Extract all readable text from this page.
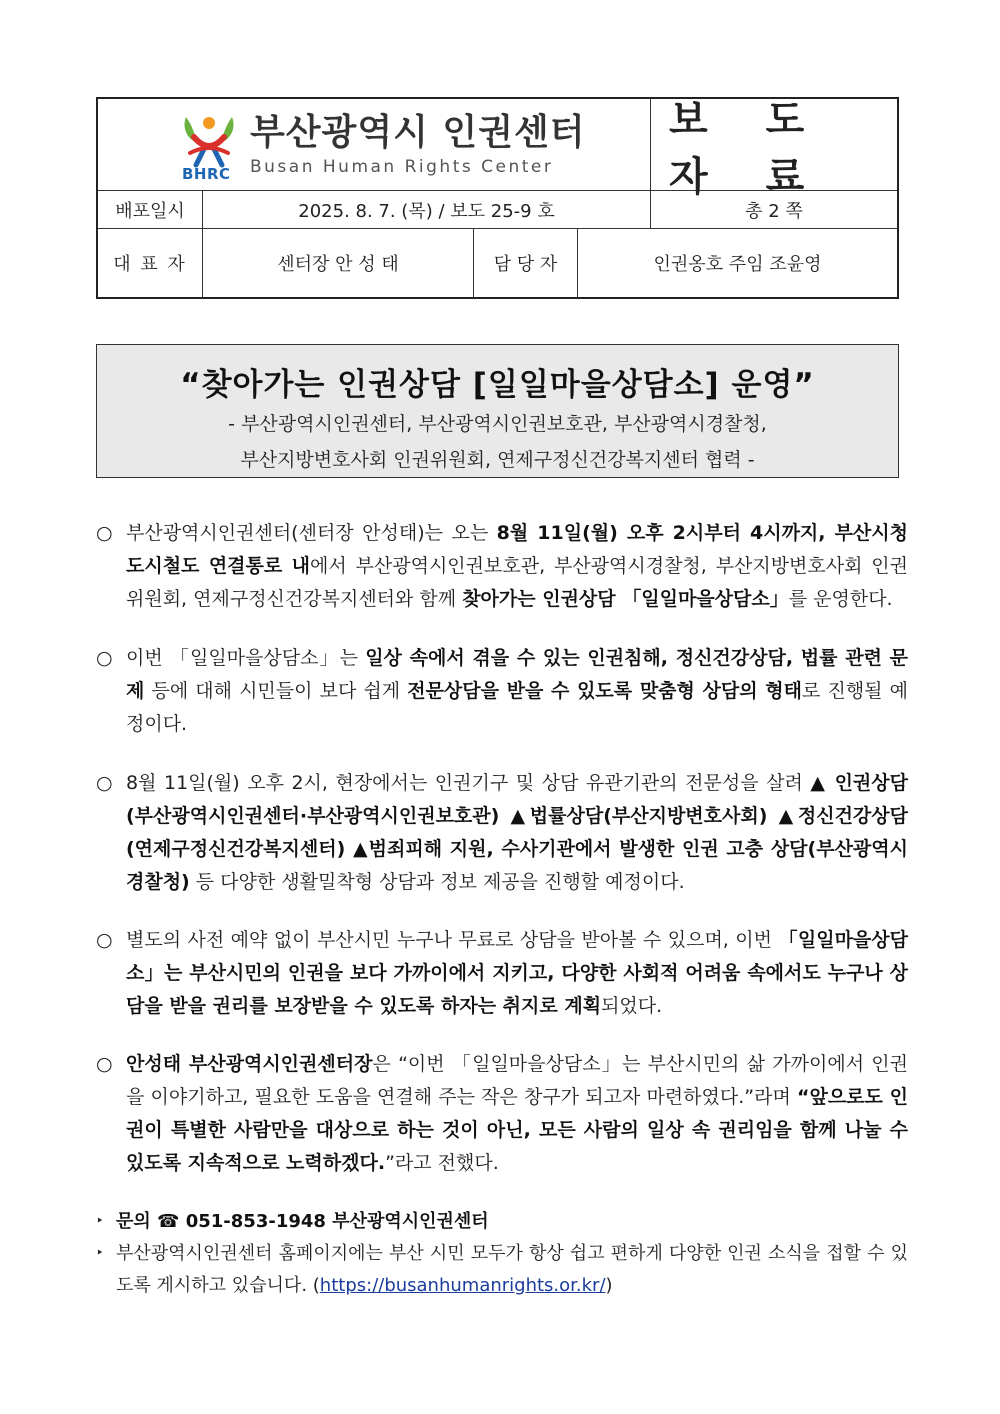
BHRC
부산광역시 인권센터
Busan Human Rights Center
보 도 자 료
배포일시	2025. 8. 7. (목) / 보도 25-9 호	총 2 쪽
대 표 자	센터장 안 성 태	담 당 자	인권옹호 주임 조윤영
“찾아가는 인권상담 [일일마을상담소] 운영”
- 부산광역시인권센터, 부산광역시인권보호관, 부산광역시경찰청,
부산지방변호사회 인권위원회, 연제구정신건강복지센터 협력 -
○ 부산광역시인권센터(센터장 안성태)는 오는 8월 11일(월) 오후 2시부터 4시까지, 부산시청 도시철도 연결통로 내에서 부산광역시인권보호관, 부산광역시경찰청, 부산지방변호사회 인권위원회, 연제구정신건강복지센터와 함께 찾아가는 인권상담 「일일마을상담소」를 운영한다.
○ 이번 「일일마을상담소」는 일상 속에서 겪을 수 있는 인권침해, 정신건강상담, 법률 관련 문제 등에 대해 시민들이 보다 쉽게 전문상담을 받을 수 있도록 맞춤형 상담의 형태로 진행될 예정이다.
○ 8월 11일(월) 오후 2시, 현장에서는 인권기구 및 상담 유관기관의 전문성을 살려 ▲ 인권상담(부산광역시인권센터·부산광역시인권보호관) ▲법률상담(부산지방변호사회) ▲정신건강상담(연제구정신건강복지센터) ▲범죄피해 지원, 수사기관에서 발생한 인권 고충 상담(부산광역시경찰청) 등 다양한 생활밀착형 상담과 정보 제공을 진행할 예정이다.
○ 별도의 사전 예약 없이 부산시민 누구나 무료로 상담을 받아볼 수 있으며, 이번 「일일마을상담소」는 부산시민의 인권을 보다 가까이에서 지키고, 다양한 사회적 어려움 속에서도 누구나 상담을 받을 권리를 보장받을 수 있도록 하자는 취지로 계획되었다.
○ 안성태 부산광역시인권센터장은 “이번 「일일마을상담소」는 부산시민의 삶 가까이에서 인권을 이야기하고, 필요한 도움을 연결해 주는 작은 창구가 되고자 마련하였다.”라며 “앞으로도 인권이 특별한 사람만을 대상으로 하는 것이 아닌, 모든 사람의 일상 속 권리임을 함께 나눌 수 있도록 지속적으로 노력하겠다.”라고 전했다.
‣ 문의 ☎ 051-853-1948 부산광역시인권센터
‣ 부산광역시인권센터 홈페이지에는 부산 시민 모두가 항상 쉽고 편하게 다양한 인권 소식을 접할 수 있도록 게시하고 있습니다. (https://busanhumanrights.or.kr/)
